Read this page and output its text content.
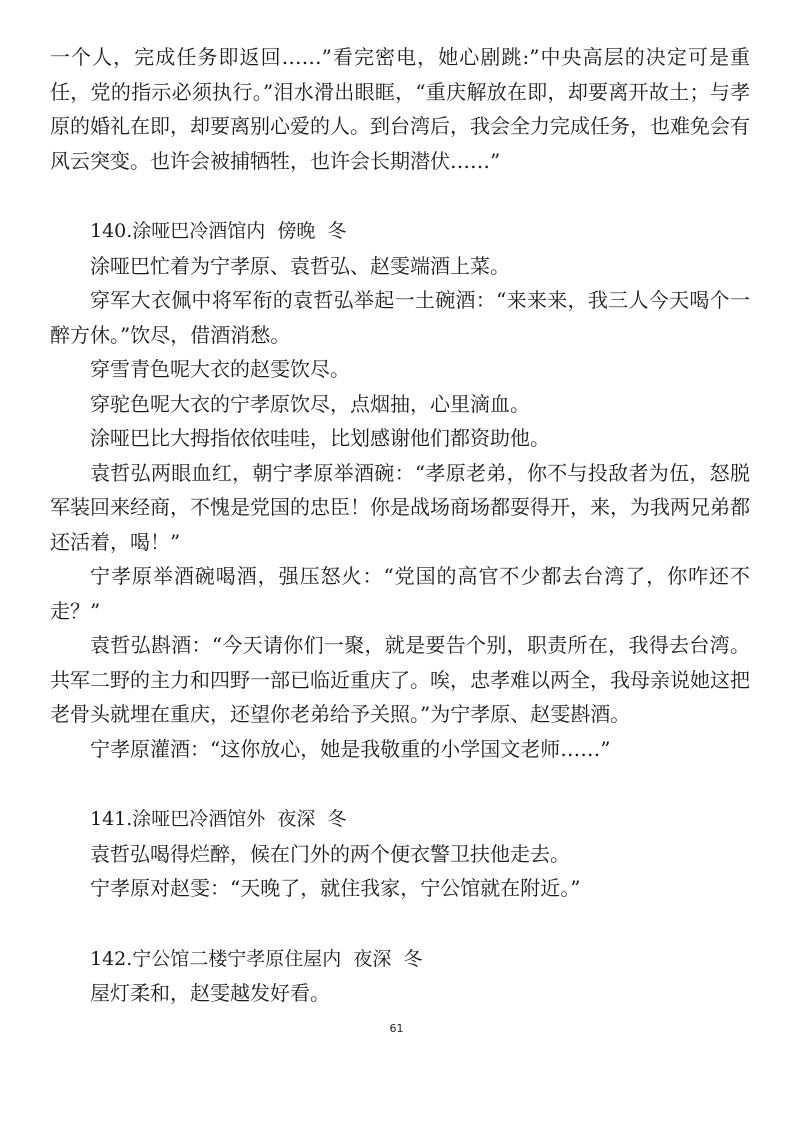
一个人，完成任务即返回……”看完密电，她心剧跳:”中央高层的决定可是重任，党的指示必须执行。”泪水滑出眼眶，“重庆解放在即，却要离开故土；与孝原的婚礼在即，却要离别心爱的人。到台湾后，我会全力完成任务，也难免会有风云突变。也许会被捕牺牲，也许会长期潜伏……”

140.涂哑巴冷酒馆内  傍晚  冬

涂哑巴忙着为宁孝原、袁哲弘、赵雯端酒上菜。

穿军大衣佩中将军衔的袁哲弘举起一土碗酒：“来来来，我三人今天喝个一醉方休。”饮尽，借酒消愁。

穿雪青色呢大衣的赵雯饮尽。

穿驼色呢大衣的宁孝原饮尽，点烟抽，心里滴血。

涂哑巴比大拇指依依哇哇，比划感谢他们都资助他。

袁哲弘两眼血红，朝宁孝原举酒碗：“孝原老弟，你不与投敌者为伍，怒脱军装回来经商，不愧是党国的忠臣！你是战场商场都耍得开，来，为我两兄弟都还活着，喝！”

宁孝原举酒碗喝酒，强压怒火：“党国的高官不少都去台湾了，你咋还不走？”

袁哲弘斟酒：“今天请你们一聚，就是要告个别，职责所在，我得去台湾。共军二野的主力和四野一部已临近重庆了。唉，忠孝难以两全，我母亲说她这把老骨头就埋在重庆，还望你老弟给予关照。”为宁孝原、赵雯斟酒。

宁孝原灌酒：“这你放心，她是我敬重的小学国文老师……”

141.涂哑巴冷酒馆外  夜深  冬

袁哲弘喝得烂醉，候在门外的两个便衣警卫扶他走去。

宁孝原对赵雯：“天晚了，就住我家，宁公馆就在附近。”

142.宁公馆二楼宁孝原住屋内  夜深  冬

屋灯柔和，赵雯越发好看。

61
